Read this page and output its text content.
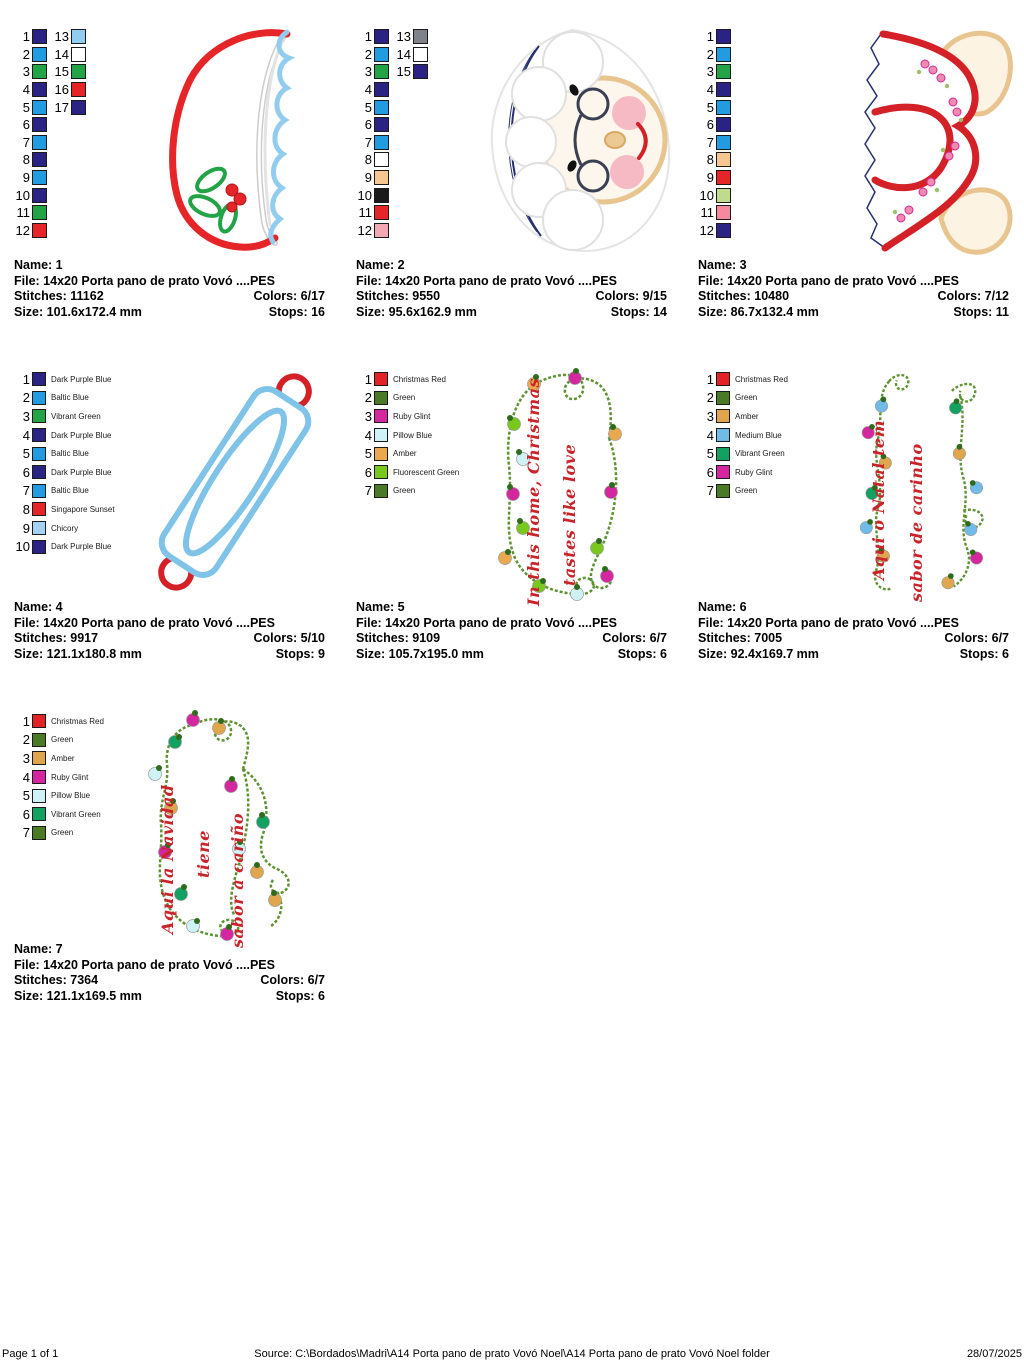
1
2
3
4
5
6
7
8
9
10
11
12
13
14
15
16
17
Name: 1
File: 14x20 Porta pano de prato Vovó ....PES
Stitches: 11162	Colors: 6/17
Size: 101.6x172.4 mm	Stops: 16
1
2
3
4
5
6
7
8
9
10
11
12
13
14
15
Name: 2
File: 14x20 Porta pano de prato Vovó ....PES
Stitches: 9550	Colors: 9/15
Size: 95.6x162.9 mm	Stops: 14
1
2
3
4
5
6
7
8
9
10
11
12
Name: 3
File: 14x20 Porta pano de prato Vovó ....PES
Stitches: 10480	Colors: 7/12
Size: 86.7x132.4 mm	Stops: 11
1	Dark Purple Blue
2	Baltic Blue
3	Vibrant Green
4	Dark Purple Blue
5	Baltic Blue
6	Dark Purple Blue
7	Baltic Blue
8	Singapore Sunset
9	Chicory
10	Dark Purple Blue
Name: 4
File: 14x20 Porta pano de prato Vovó ....PES
Stitches: 9917	Colors: 5/10
Size: 121.1x180.8 mm	Stops: 9
In this home, Christmas tastes like love
1	Christmas Red
2	Green
3	Ruby Glint
4	Pillow Blue
5	Amber
6	Fluorescent Green
7	Green
Name: 5
File: 14x20 Porta pano de prato Vovó ....PES
Stitches: 9109	Colors: 6/7
Size: 105.7x195.0 mm	Stops: 6
Aqui o Natal tem sabor de carinho
1	Christmas Red
2	Green
3	Amber
4	Medium Blue
5	Vibrant Green
6	Ruby Glint
7	Green
Name: 6
File: 14x20 Porta pano de prato Vovó ....PES
Stitches: 7005	Colors: 6/7
Size: 92.4x169.7 mm	Stops: 6
Aqui la Navidad tiene sabor a cariño
1	Christmas Red
2	Green
3	Amber
4	Ruby Glint
5	Pillow Blue
6	Vibrant Green
7	Green
Name: 7
File: 14x20 Porta pano de prato Vovó ....PES
Stitches: 7364	Colors: 6/7
Size: 121.1x169.5 mm	Stops: 6
Page 1 of 1	Source: C:\Bordados\Madri\A14 Porta pano de prato Vovó Noel\A14 Porta pano de prato Vovó Noel folder	28/07/2025
